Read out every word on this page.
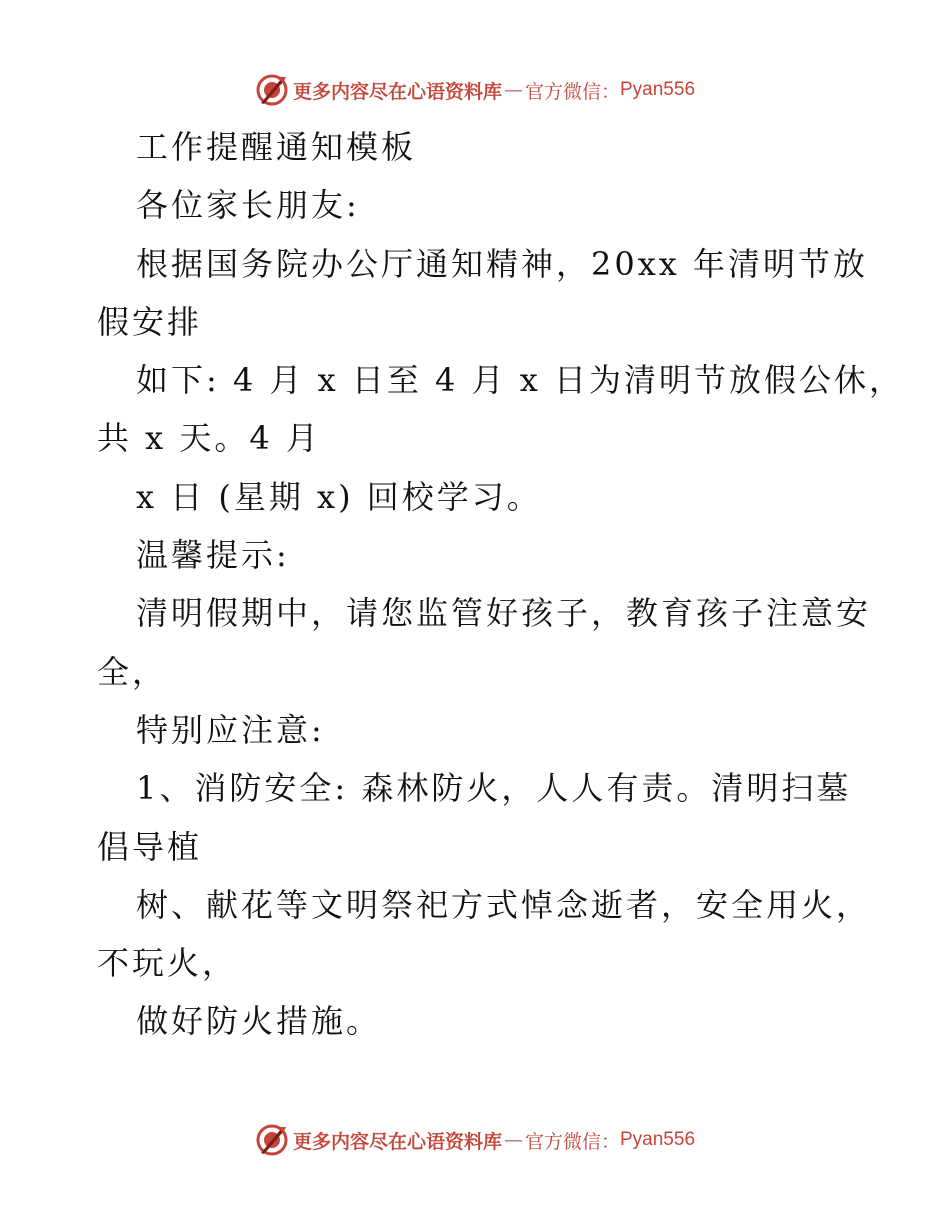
更多内容尽在心语资料库 — 官方微信： Pyan556
工作提醒通知模板
各位家长朋友:
根据国务院办公厅通知精神，20xx 年清明节放
假安排
如下: 4 月 x 日至 4 月 x 日为清明节放假公休，
共 x 天。4 月
x 日 (星期 x) 回校学习。
温馨提示:
清明假期中，请您监管好孩子，教育孩子注意安
全，
特别应注意:
1、消防安全: 森林防火，人人有责。清明扫墓
倡导植
树、献花等文明祭祀方式悼念逝者，安全用火，
不玩火，
做好防火措施。
更多内容尽在心语资料库 — 官方微信： Pyan556
